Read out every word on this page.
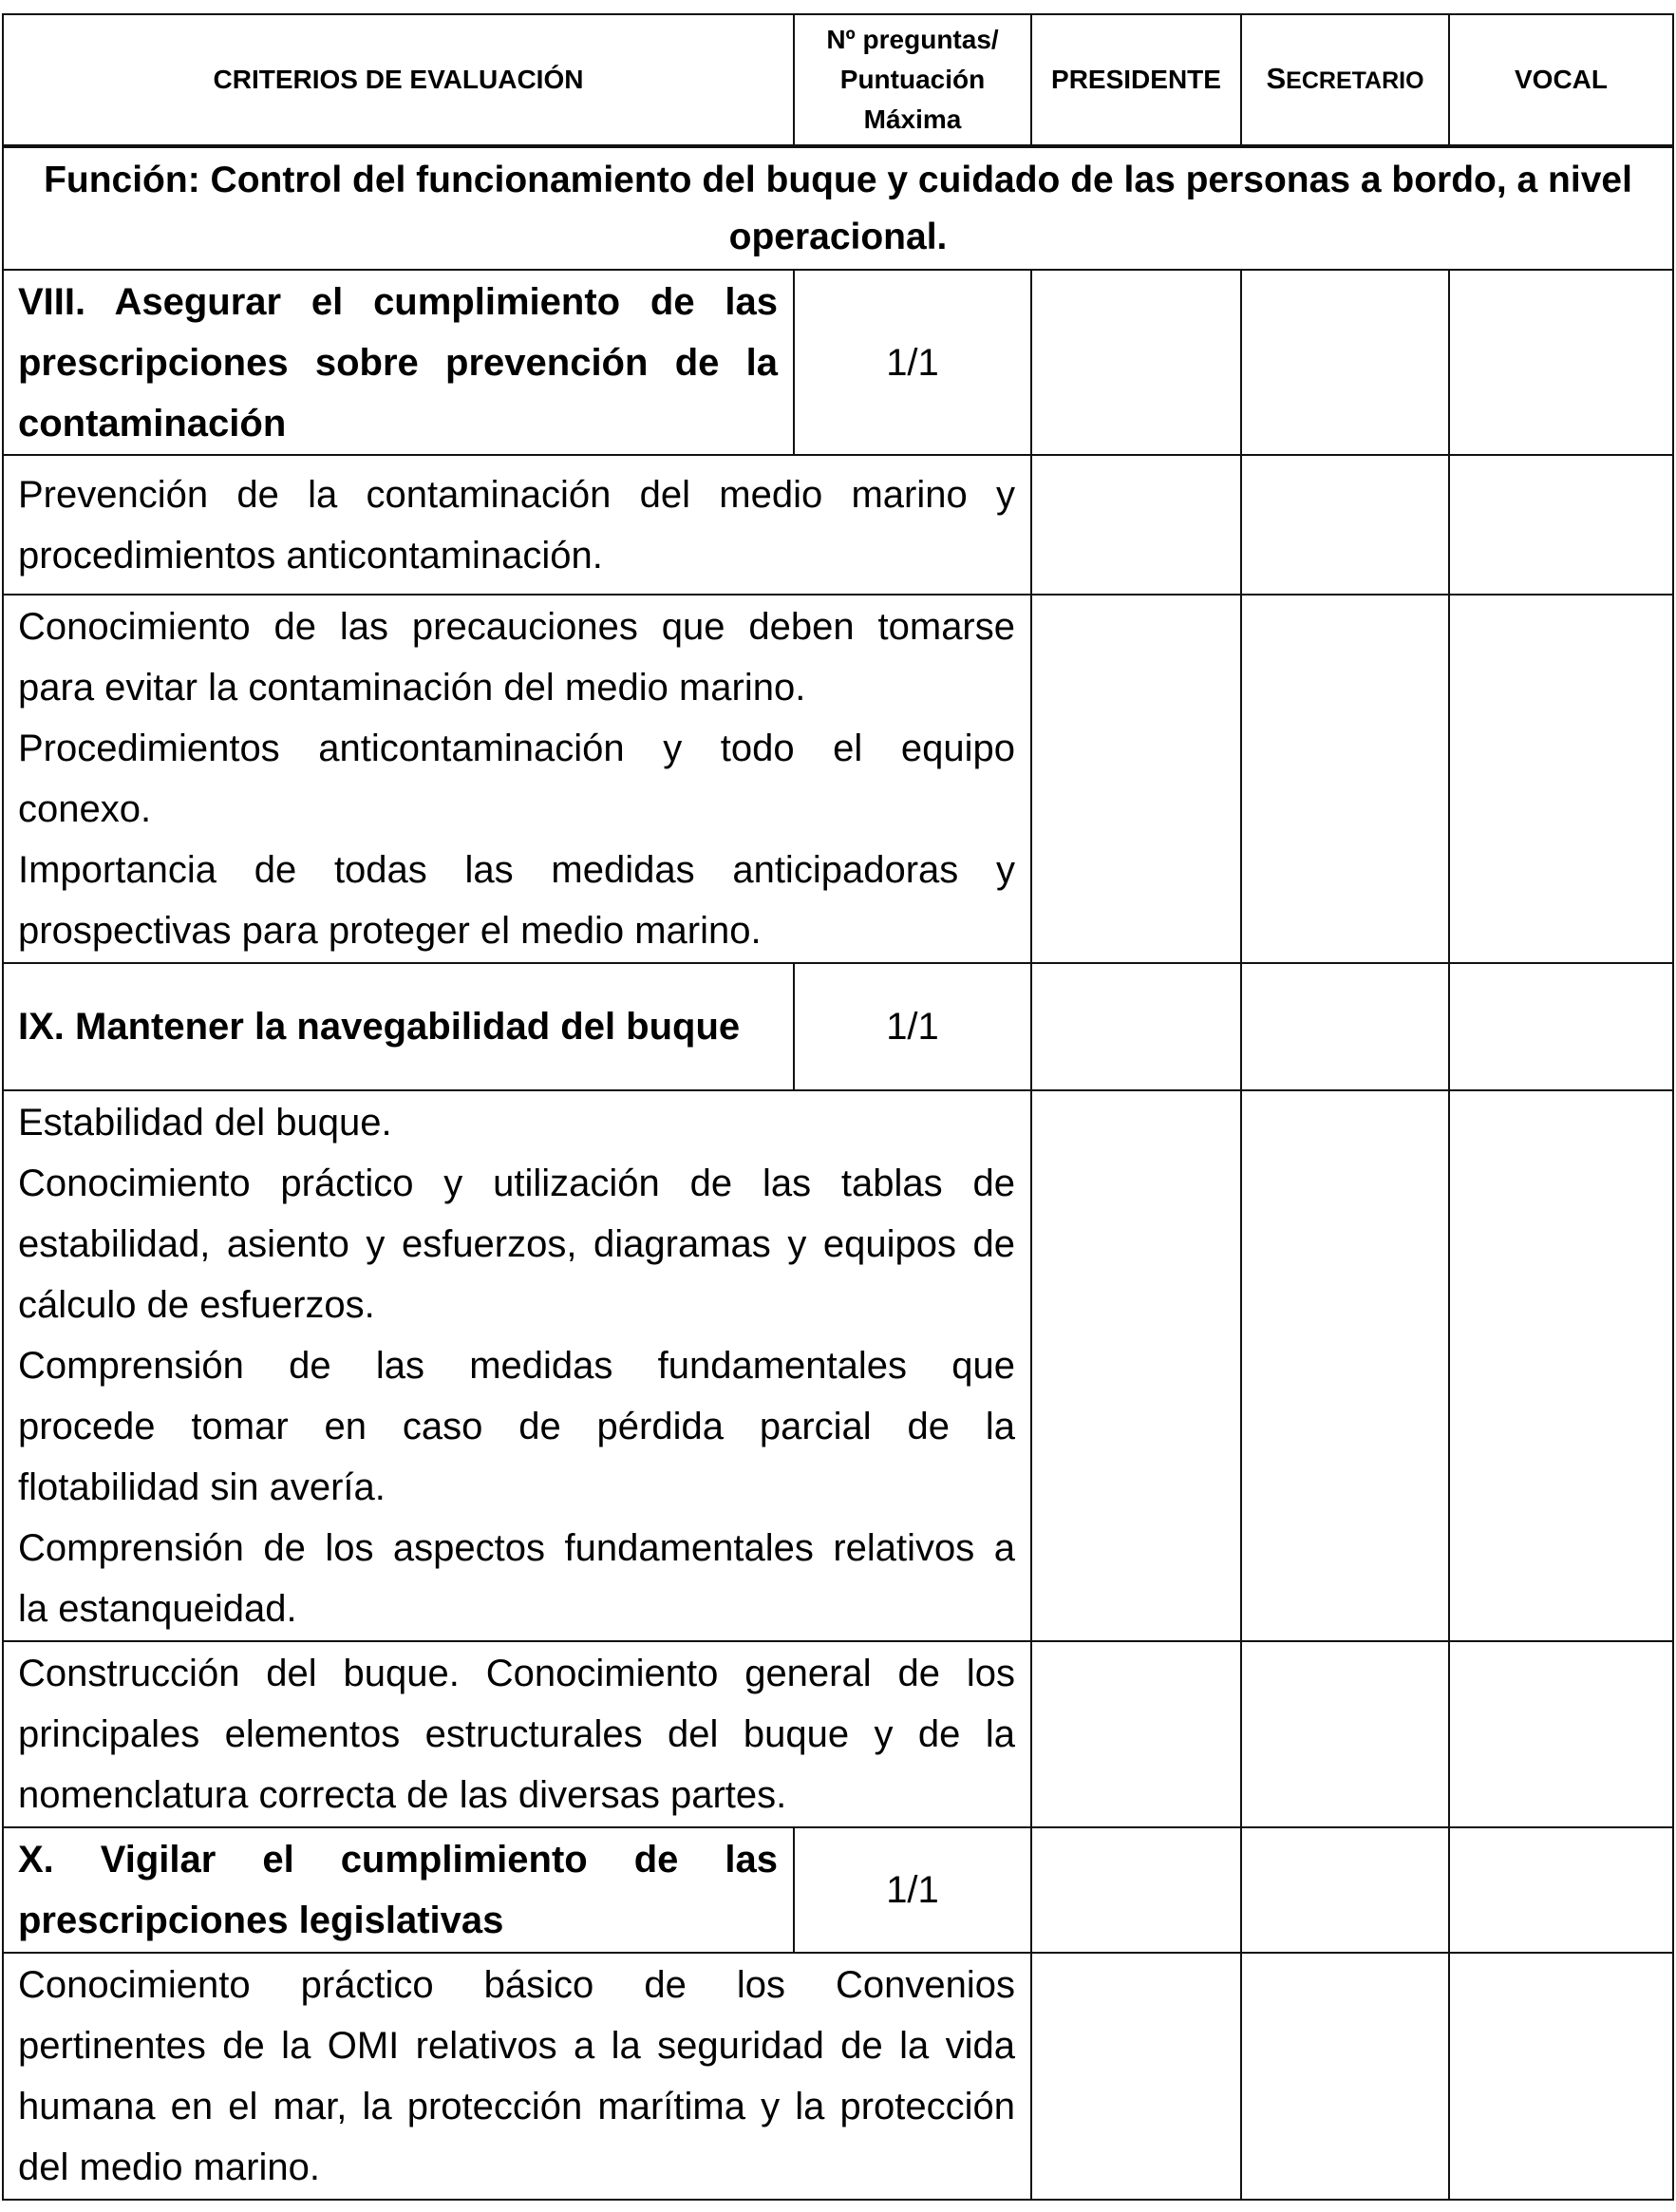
CRITERIOS DE EVALUACIÓN
Nº preguntas/
Puntuación
Máxima
PRESIDENTE SECRETARIO	VOCAL
Función: Control del funcionamiento del buque y cuidado de las personas a bordo, a nivel
operacional.
VIII. Asegurar el cumplimiento de las
prescripciones sobre prevención de la
contaminación
1/1
Prevención de la contaminación del medio marino y
procedimientos anticontaminación.
Conocimiento de las precauciones que deben tomarse
para evitar la contaminación del medio marino.
Procedimientos anticontaminación y todo el equipo
conexo.
Importancia de todas las medidas anticipadoras y
prospectivas para proteger el medio marino.
IX. Mantener la navegabilidad del buque	1/1
Estabilidad del buque.
Conocimiento práctico y utilización de las tablas de
estabilidad, asiento y esfuerzos, diagramas y equipos de
cálculo de esfuerzos.
Comprensión de las medidas fundamentales que
procede tomar en caso de pérdida parcial de la
flotabilidad sin avería.
Comprensión de los aspectos fundamentales relativos a
la estanqueidad.
Construcción del buque. Conocimiento general de los
principales elementos estructurales del buque y de la
nomenclatura correcta de las diversas partes.
X. Vigilar el cumplimiento de las
prescripciones legislativas
1/1
Conocimiento práctico básico de los Convenios
pertinentes de la OMI relativos a la seguridad de la vida
humana en el mar, la protección marítima y la protección
del medio marino.
